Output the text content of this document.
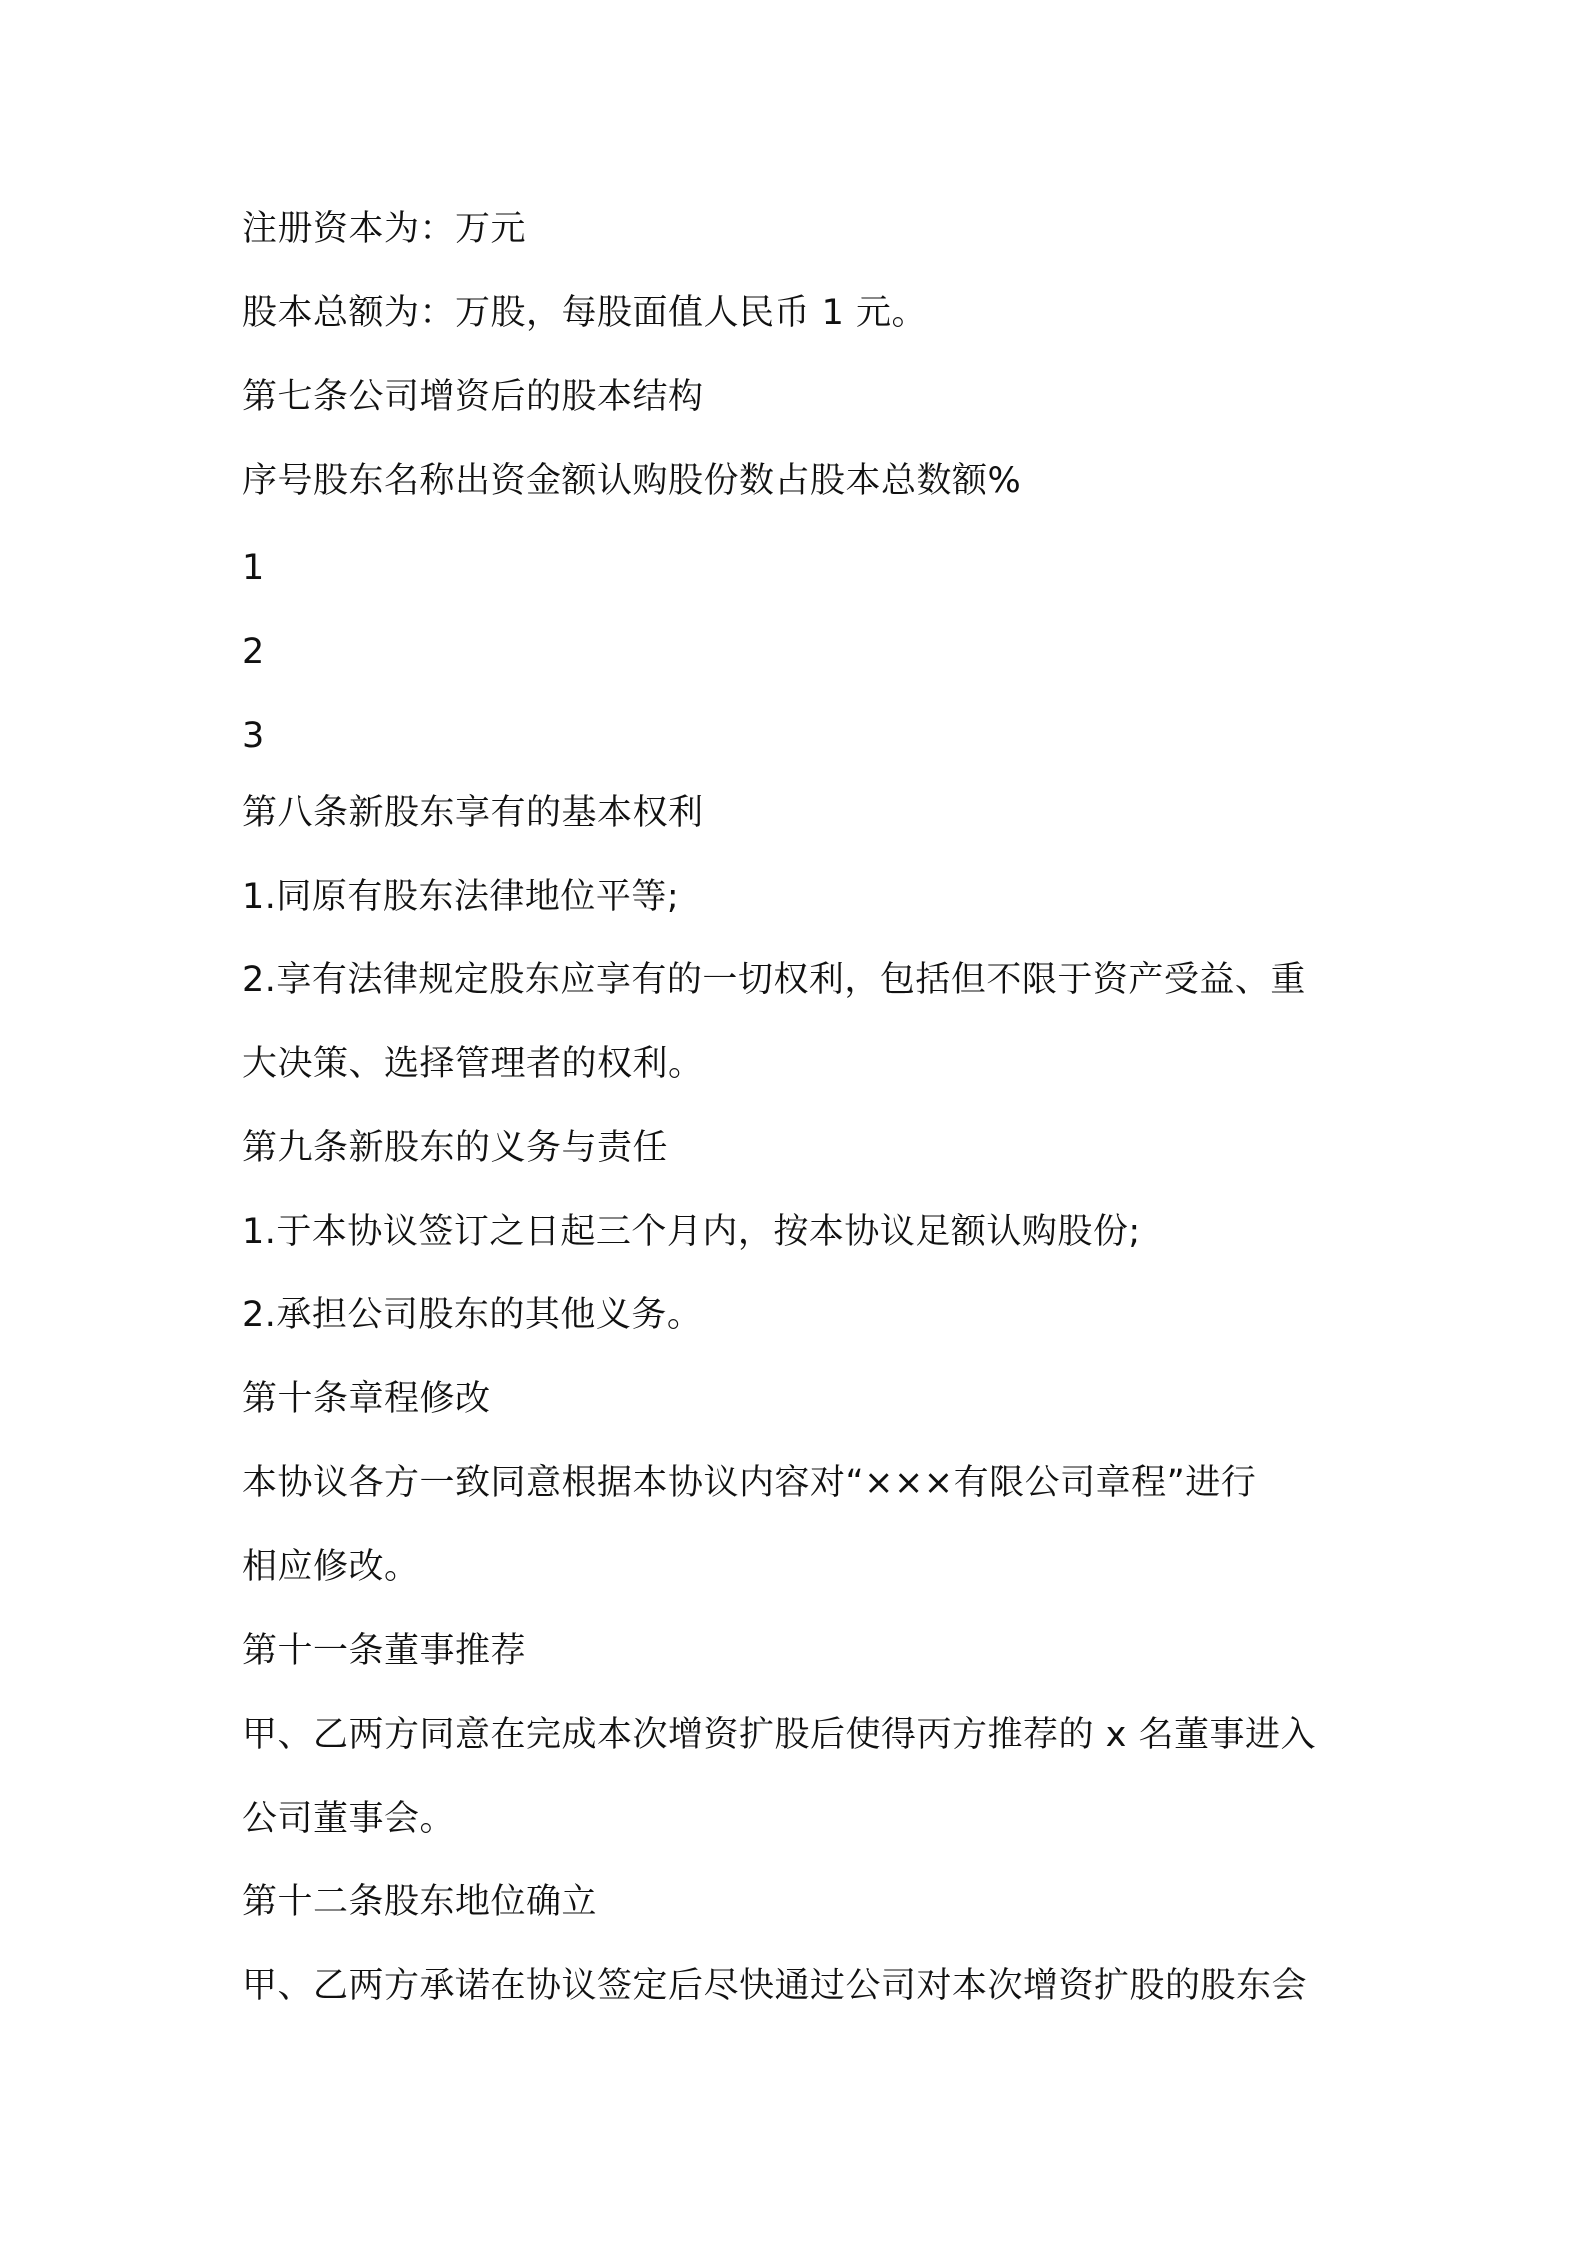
注册资本为：万元
股本总额为：万股，每股面值人民币 1 元。
第七条公司增资后的股本结构
序号股东名称出资金额认购股份数占股本总数额%
1
2
3
第八条新股东享有的基本权利
1.同原有股东法律地位平等;
2.享有法律规定股东应享有的一切权利，包括但不限于资产受益、重
大决策、选择管理者的权利。
第九条新股东的义务与责任
1.于本协议签订之日起三个月内，按本协议足额认购股份;
2.承担公司股东的其他义务。
第十条章程修改
本协议各方一致同意根据本协议内容对“×××有限公司章程”进行
相应修改。
第十一条董事推荐
甲、乙两方同意在完成本次增资扩股后使得丙方推荐的 x 名董事进入
公司董事会。
第十二条股东地位确立
甲、乙两方承诺在协议签定后尽快通过公司对本次增资扩股的股东会
